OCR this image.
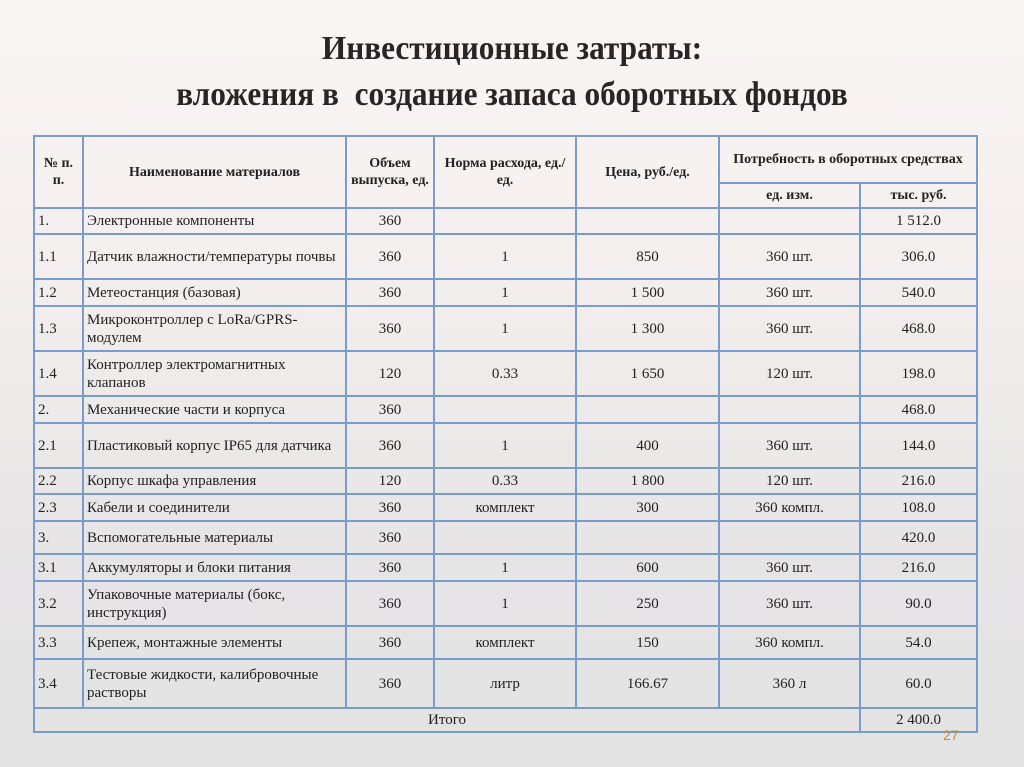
Инвестиционные затраты:
вложения в  создание запаса оборотных фондов
№ п. п.	Наименование материалов	Объем выпуска, ед.	Норма расхода, ед./ед.	Цена, руб./ед.	Потребность в оборотных средствах	
					ед. изм.	тыс. руб.
1.	Электронные компоненты	360				1 512.0
1.1	Датчик влажности/температуры почвы	360	1	850	360 шт.	306.0
1.2	Метеостанция (базовая)	360	1	1 500	360 шт.	540.0
1.3	Микроконтроллер с LoRa/GPRS-модулем	360	1	1 300	360 шт.	468.0
1.4	Контроллер электромагнитных клапанов	120	0.33	1 650	120 шт.	198.0
2.	Механические части и корпуса	360				468.0
2.1	Пластиковый корпус IP65 для датчика	360	1	400	360 шт.	144.0
2.2	Корпус шкафа управления	120	0.33	1 800	120 шт.	216.0
2.3	Кабели и соединители	360	комплект	300	360 компл.	108.0
3.	Вспомогательные материалы	360				420.0
3.1	Аккумуляторы и блоки питания	360	1	600	360 шт.	216.0
3.2	Упаковочные материалы (бокс, инструкция)	360	1	250	360 шт.	90.0
3.3	Крепеж, монтажные элементы	360	комплект	150	360 компл.	54.0
3.4	Тестовые жидкости, калибровочные растворы	360	литр	166.67	360 л	60.0
Итого						2 400.0
27
